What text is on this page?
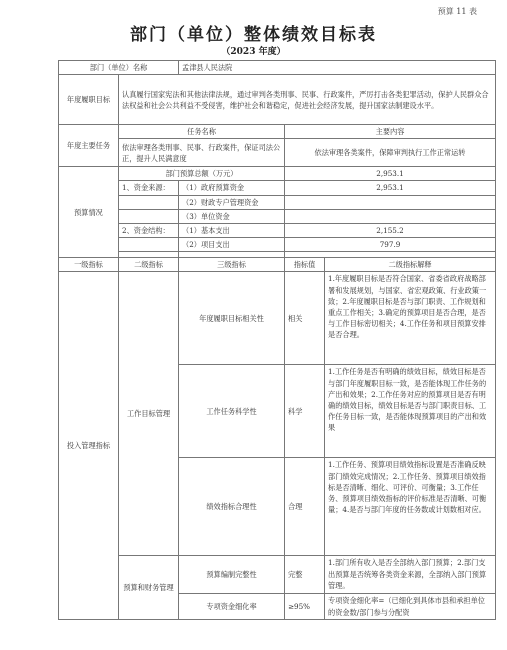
预算 11 表
部门（单位）整体绩效目标表
（2023 年度）
部门（单位）名称		孟津县人民法院		
年度履职目标	认真履行国家宪法和其他法律法规，通过审判各类刑事、民事、行政案件，严厉打击各类犯罪活动，保护人民群众合法权益和社会公共利益不受侵害，维护社会和谐稳定，促进社会经济发展，提升国家法制建设水平。			
年度主要任务	任务名称		主要内容	
	依法审理各类刑事、民事、行政案件，保证司法公正，提升人民满意度		依法审理各类案件，保障审判执行工作正常运转	
预算情况	部门预算总额（万元）		2,953.1	
	1、资金来源：	（1）政府预算资金	2,953.1	
		（2）财政专户管理资金		
		（3）单位资金		
	2、资金结构：	（1）基本支出	2,155.2	
		（2）项目支出	797.9	

一级指标	二级指标	三级指标	指标值	二级指标解释
投入管理指标	工作目标管理	年度履职目标相关性	相关	1.年度履职目标是否符合国家、省委省政府战略部署和发展规划，与国家、省宏观政策、行业政策一致；2.年度履职目标是否与部门职责、工作规划和重点工作相关；3.确定的预算项目是否合理，是否与工作目标密切相关；4.工作任务和项目预算安排是否合理。
		工作任务科学性	科学	1.工作任务是否有明确的绩效目标，绩效目标是否与部门年度履职目标一致，是否能体现工作任务的产出和效果；2.工作任务对应的预算项目是否有明确的绩效目标，绩效目标是否与部门职责目标、工作任务目标一致，是否能体现预算项目的产出和效果
		绩效指标合理性	合理	1.工作任务、预算项目绩效指标设置是否准确反映部门绩效完成情况；2.工作任务、预算项目绩效指标是否清晰、细化、可评价、可衡量；3.工作任务、预算项目绩效指标的评价标准是否清晰、可衡量；4.是否与部门年度的任务数或计划数相对应。
	预算和财务管理	预算编制完整性	完整	1.部门所有收入是否全部纳入部门预算；2.部门支出预算是否统筹各类资金来源，全部纳入部门预算管理。
		专项资金细化率	≥95%	专项资金细化率=（已细化到具体市县和承担单位的资金数/部门参与分配资
